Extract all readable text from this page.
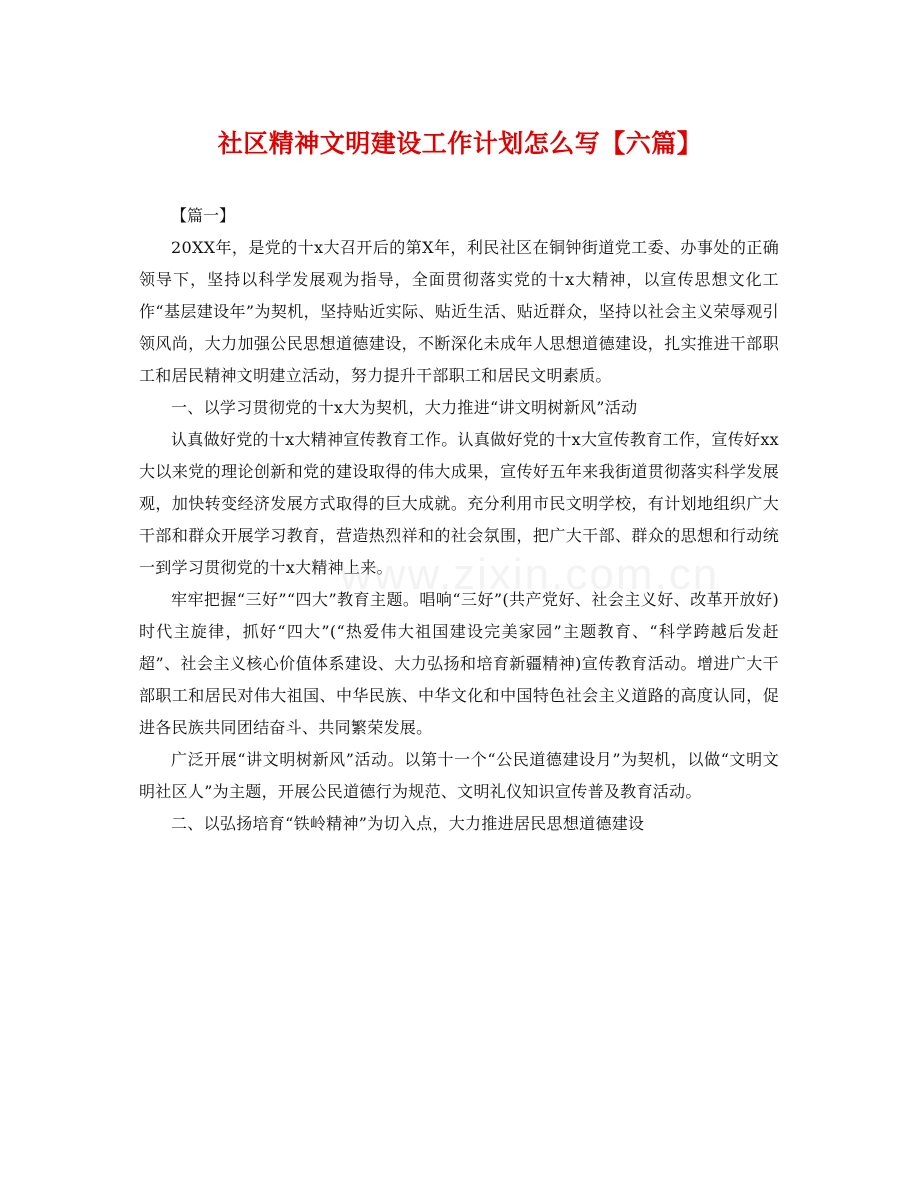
社区精神文明建设工作计划怎么写【六篇】

【篇一】

20XX年，是党的十x大召开后的第X年，利民社区在铜钟街道党工委、办事处的正确领导下，坚持以科学发展观为指导，全面贯彻落实党的十x大精神，以宣传思想文化工作“基层建设年”为契机，坚持贴近实际、贴近生活、贴近群众，坚持以社会主义荣辱观引领风尚，大力加强公民思想道德建设，不断深化未成年人思想道德建设，扎实推进干部职工和居民精神文明建立活动，努力提升干部职工和居民文明素质。

一、以学习贯彻党的十x大为契机，大力推进“讲文明树新风”活动

认真做好党的十x大精神宣传教育工作。认真做好党的十x大宣传教育工作，宣传好xx大以来党的理论创新和党的建设取得的伟大成果，宣传好五年来我街道贯彻落实科学发展观，加快转变经济发展方式取得的巨大成就。充分利用市民文明学校，有计划地组织广大干部和群众开展学习教育，营造热烈祥和的社会氛围，把广大干部、群众的思想和行动统一到学习贯彻党的十x大精神上来。

牢牢把握“三好”“四大”教育主题。唱响“三好”(共产党好、社会主义好、改革开放好)时代主旋律，抓好“四大”(“热爱伟大祖国建设完美家园”主题教育、“科学跨越后发赶超”、社会主义核心价值体系建设、大力弘扬和培育新疆精神)宣传教育活动。增进广大干部职工和居民对伟大祖国、中华民族、中华文化和中国特色社会主义道路的高度认同，促进各民族共同团结奋斗、共同繁荣发展。

广泛开展“讲文明树新风”活动。以第十一个“公民道德建设月”为契机，以做“文明文明社区人”为主题，开展公民道德行为规范、文明礼仪知识宣传普及教育活动。

二、以弘扬培育“铁岭精神”为切入点，大力推进居民思想道德建设

www.zixin.com.cn
